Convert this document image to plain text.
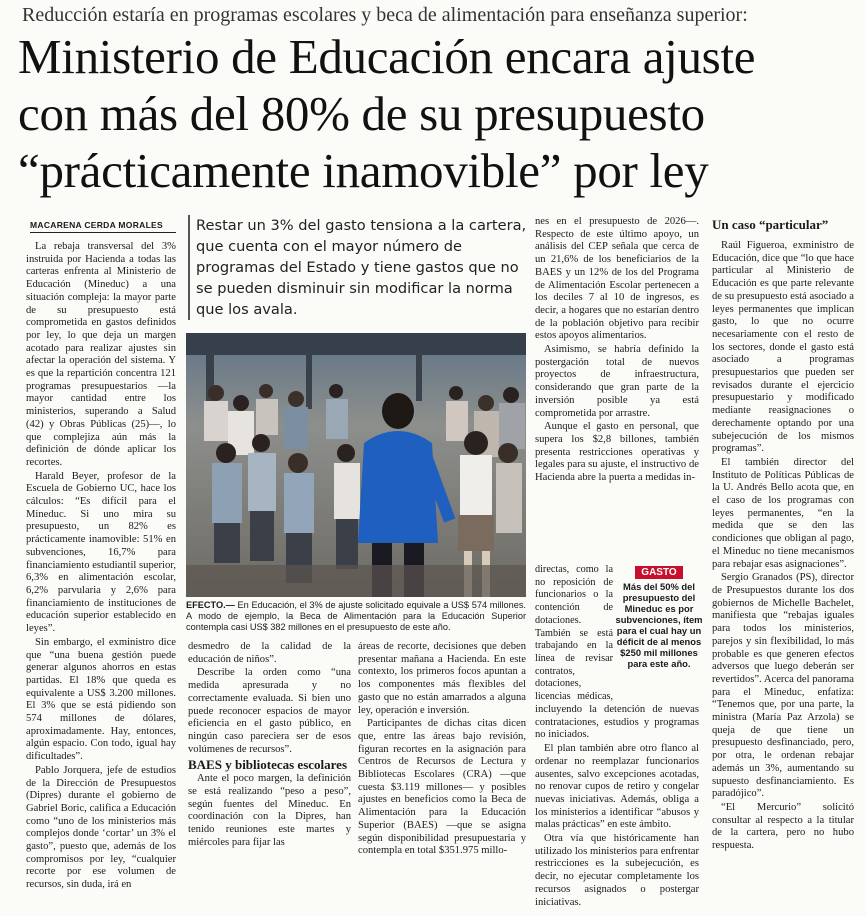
Reducción estaría en programas escolares y beca de alimentación para enseñanza superior:
Ministerio de Educación encara ajuste
con más del 80% de su presupuesto
“prácticamente inamovible” por ley
MACARENA CERDA MORALES

La rebaja transversal del 3% instruida por Hacienda a todas las carteras enfrenta al Ministerio de Educación (Mineduc) a una situación compleja: la mayor parte de su presupuesto está comprometida en gastos definidos por ley, lo que deja un margen acotado para realizar ajustes sin afectar la operación del sistema. Y es que la repartición concentra 121 programas presupuestarios —la mayor cantidad entre los ministerios, superando a Salud (42) y Obras Públicas (25)—, lo que complejiza aún más la definición de dónde aplicar los recortes.

Harald Beyer, profesor de la Escuela de Gobierno UC, hace los cálculos: “Es difícil para el Mineduc. Si uno mira su presupuesto, un 82% es prácticamente inamovible: 51% en subvenciones, 16,7% para financiamiento estudiantil superior, 6,3% en alimentación escolar, 6,2% parvularia y 2,6% para financiamiento de instituciones de educación superior establecido en leyes”.

Sin embargo, el exministro dice que “una buena gestión puede generar algunos ahorros en estas partidas. El 18% que queda es equivalente a US$ 3.200 millones. El 3% que se está pidiendo son 574 millones de dólares, aproximadamente. Hay, entonces, algún espacio. Con todo, igual hay dificultades”.

Pablo Jorquera, jefe de estudios de la Dirección de Presupuestos (Dipres) durante el gobierno de Gabriel Boric, califica a Educación como “uno de los ministerios más complejos donde ‘cortar’ un 3% el gasto”, puesto que, además de los compromisos por ley, “cualquier recorte por ese volumen de recursos, sin duda, irá en

Restar un 3% del gasto tensiona a la cartera, que cuenta con el mayor número de programas del Estado y tiene gastos que no se pueden disminuir sin modificar la norma que los avala.
EFECTO.— En Educación, el 3% de ajuste solicitado equivale a US$ 574 millones. A modo de ejemplo, la Beca de Alimentación para la Educación Superior contempla casi US$ 382 millones en el presupuesto de este año.

desmedro de la calidad de la educación de niños”.

Describe la orden como “una medida apresurada y no correctamente evaluada. Si bien uno puede reconocer espacios de mayor eficiencia en el gasto público, en ningún caso pareciera ser de esos volúmenes de recursos”.

BAES y bibliotecas escolares

Ante el poco margen, la definición se está realizando “peso a peso”, según fuentes del Mineduc. En coordinación con la Dipres, han tenido reuniones este martes y miércoles para fijar las

áreas de recorte, decisiones que deben presentar mañana a Hacienda. En este contexto, los primeros focos apuntan a los componentes más flexibles del gasto que no están amarrados a alguna ley, operación e inversión.

Participantes de dichas citas dicen que, entre las áreas bajo revisión, figuran recortes en la asignación para Centros de Recursos de Lectura y Bibliotecas Escolares (CRA) —que cuesta $3.119 millones— y posibles ajustes en beneficios como la Beca de Alimentación para la Educación Superior (BAES) —que se asigna según disponibilidad presupuestaria y contempla en total $351.975 millo-

nes en el presupuesto de 2026—. Respecto de este último apoyo, un análisis del CEP señala que cerca de un 21,6% de los beneficiarios de la BAES y un 12% de los del Programa de Alimentación Escolar pertenecen a los deciles 7 al 10 de ingresos, es decir, a hogares que no estarían dentro de la población objetivo para recibir estos apoyos alimentarios.

Asimismo, se habría definido la postergación total de nuevos proyectos de infraestructura, considerando que gran parte de la inversión posible ya está comprometida por arrastre.

Aunque el gasto en personal, que supera los $2,8 billones, también presenta restricciones operativas y legales para su ajuste, el instructivo de Hacienda abre la puerta a medidas in-

directas, como la no reposición de funcionarios o la contención de dotaciones. También se está trabajando en la línea de revisar contratos, dotaciones, licencias médicas,

GASTO
Más del 50% del presupuesto del Mineduc es por subvenciones, ítem para el cual hay un déficit de al menos $250 mil millones para este año.

incluyendo la detención de nuevas contrataciones, estudios y programas no iniciados.

El plan también abre otro flanco al ordenar no reemplazar funcionarios ausentes, salvo excepciones acotadas, no renovar cupos de retiro y congelar nuevas iniciativas. Además, obliga a los ministerios a identificar “abusos y malas prácticas” en este ámbito.

Otra vía que históricamente han utilizado los ministerios para enfrentar restricciones es la subejecución, es decir, no ejecutar completamente los recursos asignados o postergar iniciativas.

Un caso “particular”

Raúl Figueroa, exministro de Educación, dice que “lo que hace particular al Ministerio de Educación es que parte relevante de su presupuesto está asociado a leyes permanentes que implican gasto, lo que no ocurre necesariamente con el resto de los sectores, donde el gasto está asociado a programas presupuestarios que pueden ser revisados durante el ejercicio presupuestario y modificado mediante reasignaciones o derechamente optando por una subejecución de los mismos programas”.

El también director del Instituto de Políticas Públicas de la U. Andrés Bello acota que, en el caso de los programas con leyes permanentes, “en la medida que se den las condiciones que obligan al pago, el Mineduc no tiene mecanismos para rebajar esas asignaciones”.

Sergio Granados (PS), director de Presupuestos durante los dos gobiernos de Michelle Bachelet, manifiesta que “rebajas iguales para todos los ministerios, parejos y sin flexibilidad, lo más probable es que generen efectos adversos que luego deberán ser revertidos”. Acerca del panorama para el Mineduc, enfatiza: “Tenemos que, por una parte, la ministra (María Paz Arzola) se queja de que tiene un presupuesto desfinanciado, pero, por otra, le ordenan rebajar además un 3%, aumentando su supuesto desfinanciamiento. Es paradójico”.

“El Mercurio” solicitó consultar al respecto a la titular de la cartera, pero no hubo respuesta.
